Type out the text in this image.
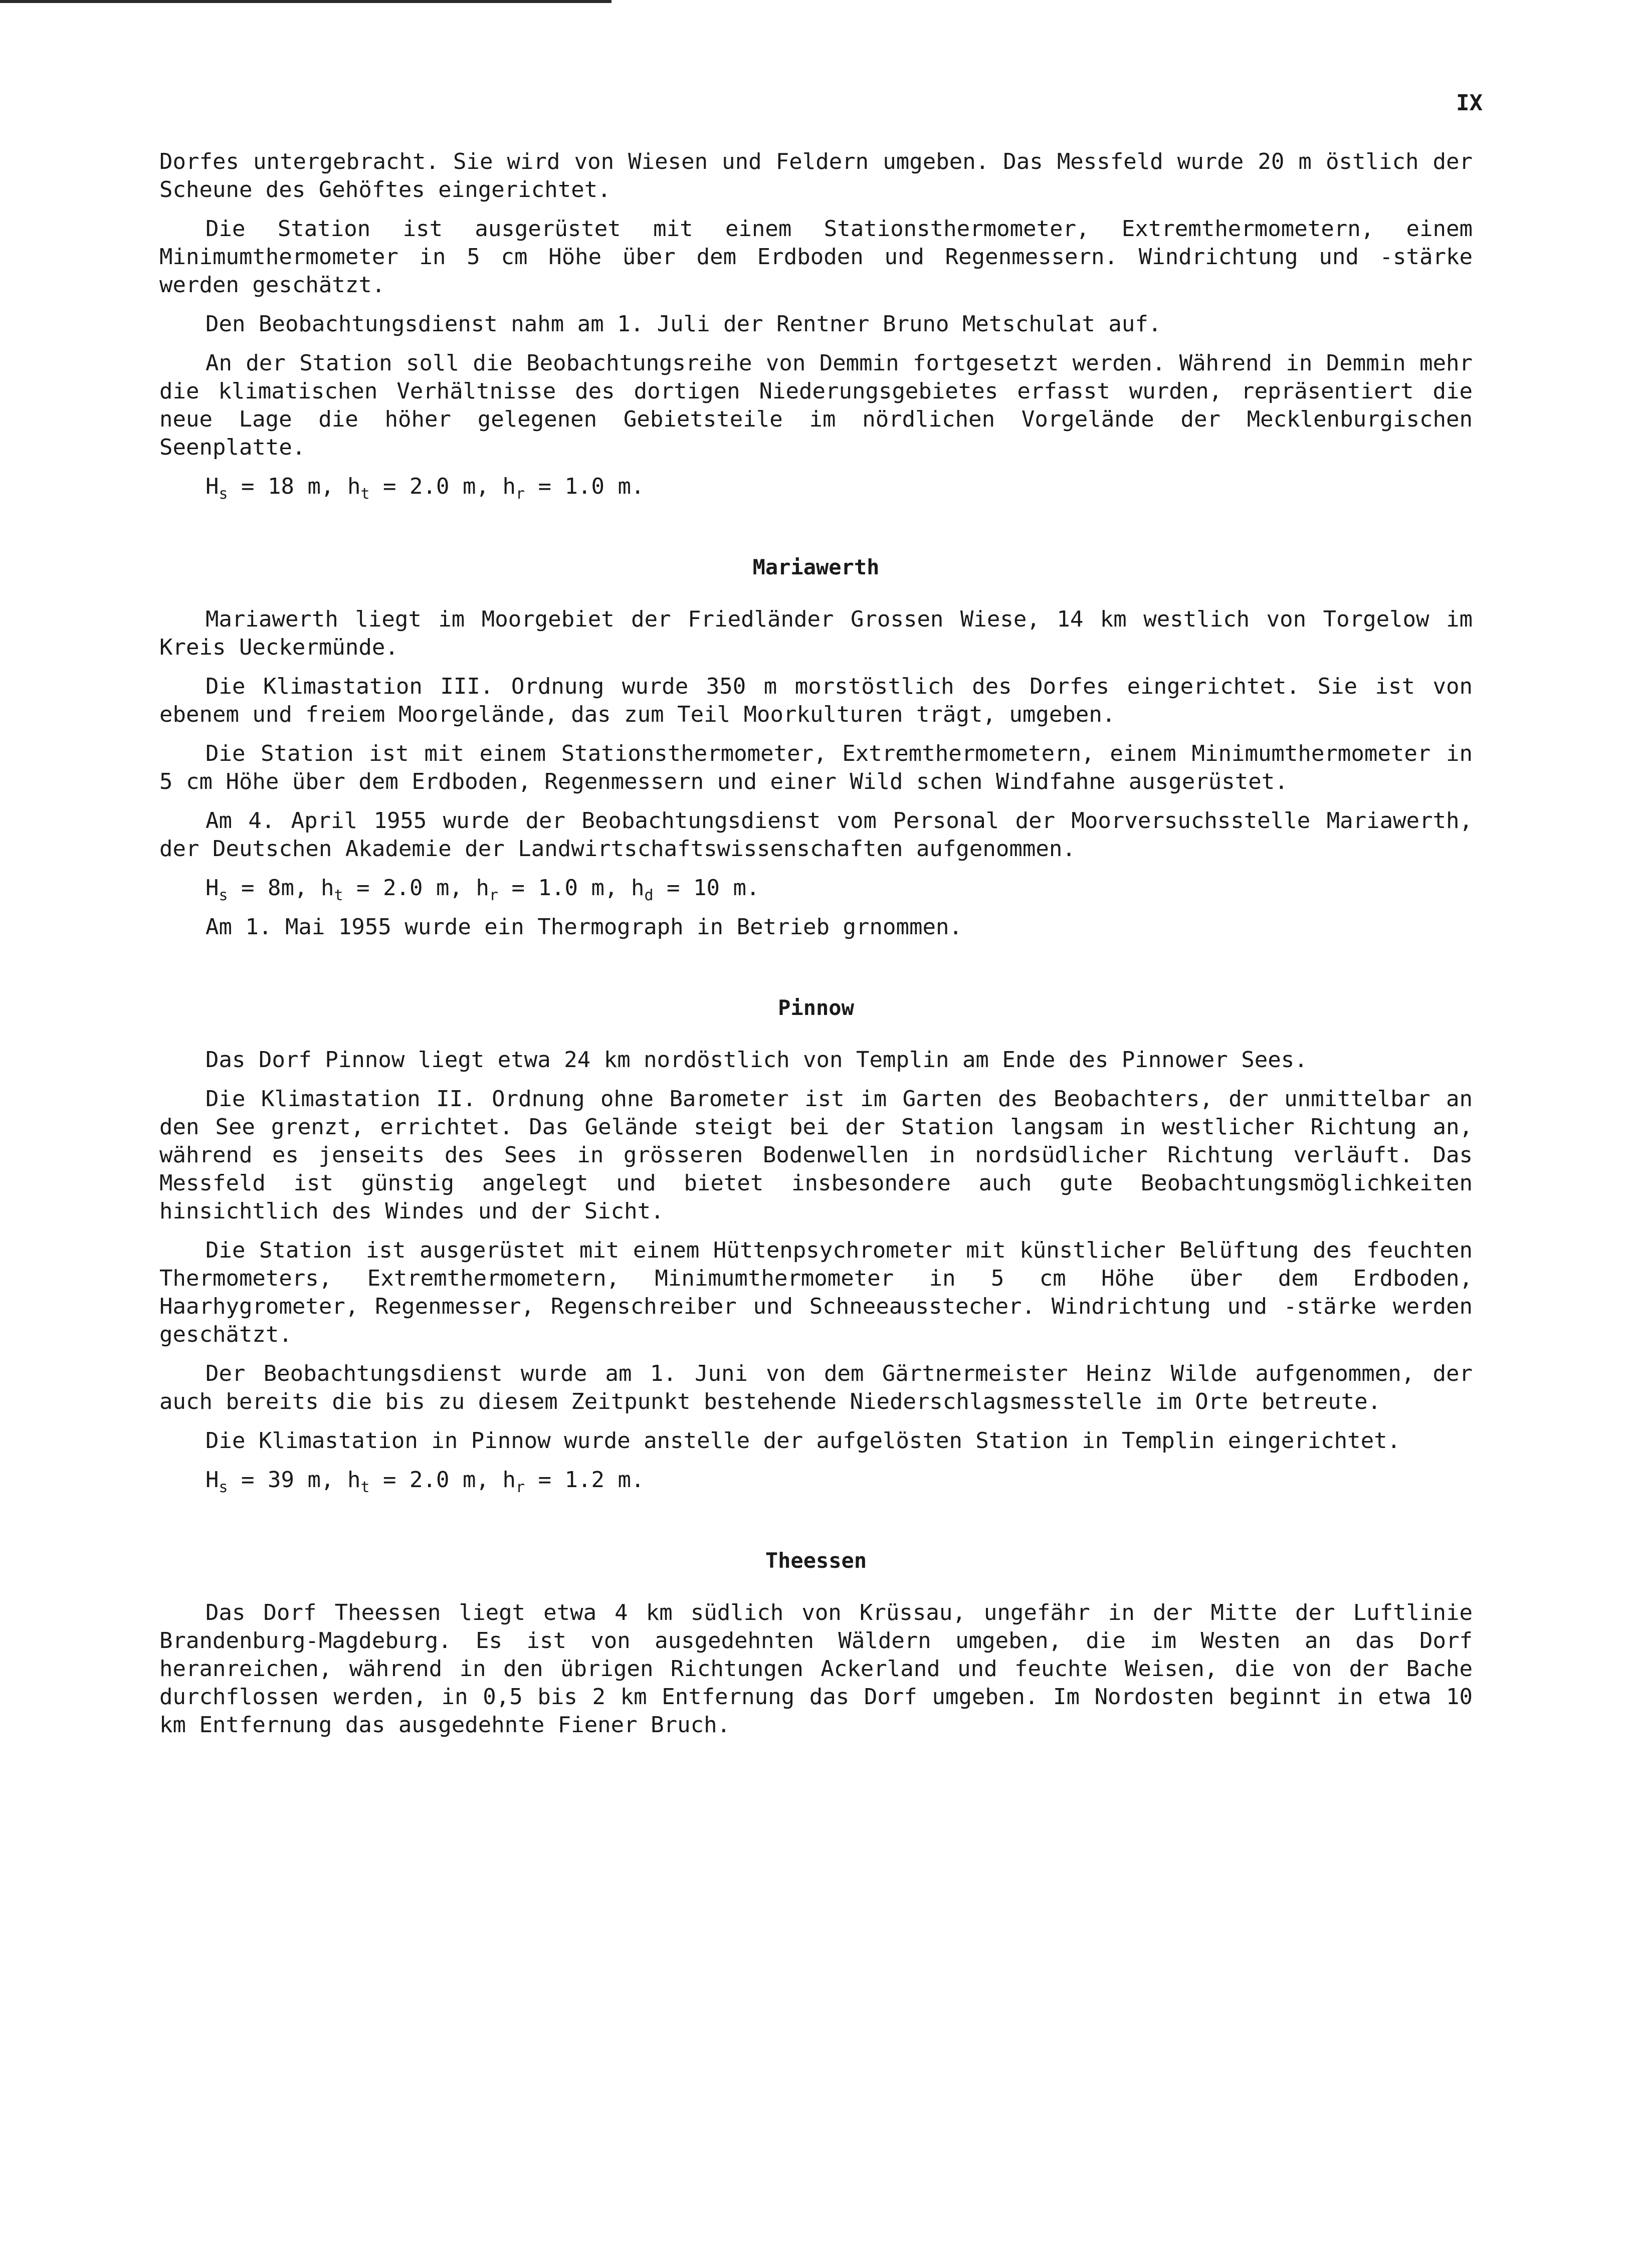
IX

Dorfes untergebracht. Sie wird von Wiesen und Feldern umgeben. Das Messfeld wurde 20 m östlich der Scheune des Gehöftes eingerichtet.

Die Station ist ausgerüstet mit einem Stationsthermometer, Extremthermometern, einem Minimumthermometer in 5 cm Höhe über dem Erdboden und Regenmessern. Windrichtung und -stärke werden geschätzt.

Den Beobachtungsdienst nahm am 1. Juli der Rentner Bruno Metschulat auf.

An der Station soll die Beobachtungsreihe von Demmin fortgesetzt werden. Während in Demmin mehr die klimatischen Verhältnisse des dortigen Niederungsgebietes erfasst wurden, repräsentiert die neue Lage die höher gelegenen Gebietsteile im nördlichen Vorgelände der Mecklenburgischen Seenplatte.

$H_s = 18$ m, $h_t = 2.0$ m, $h_r = 1.0$ m.

Mariawerth

Mariawerth liegt im Moorgebiet der Friedländer Grossen Wiese, 14 km westlich von Torgelow im Kreis Ueckermünde.

Die Klimastation III. Ordnung wurde 350 m morstöstlich des Dorfes eingerichtet. Sie ist von ebenem und freiem Moorgelände, das zum Teil Moorkulturen trägt, umgeben.

Die Station ist mit einem Stationsthermometer, Extremthermometern, einem Minimumthermometer in 5 cm Höhe über dem Erdboden, Regenmessern und einer Wild schen Windfahne ausgerüstet.

Am 4. April 1955 wurde der Beobachtungsdienst vom Personal der Moorversuchsstelle Mariawerth, der Deutschen Akademie der Landwirtschaftswissenschaften aufgenommen.

$H_s = 8m$, $h_t = 2.0$ m, $h_r = 1.0$ m, $h_d = 10$ m.

Am 1. Mai 1955 wurde ein Thermograph in Betrieb grnommen.

Pinnow

Das Dorf Pinnow liegt etwa 24 km nordöstlich von Templin am Ende des Pinnower Sees.

Die Klimastation II. Ordnung ohne Barometer ist im Garten des Beobachters, der unmittelbar an den See grenzt, errichtet. Das Gelände steigt bei der Station langsam in westlicher Richtung an, während es jenseits des Sees in grösseren Bodenwellen in nordsüdlicher Richtung verläuft. Das Messfeld ist günstig angelegt und bietet insbesondere auch gute Beobachtungsmöglichkeiten hinsichtlich des Windes und der Sicht.

Die Station ist ausgerüstet mit einem Hüttenpsychrometer mit künstlicher Belüftung des feuchten Thermometers, Extremthermometern, Minimumthermometer in 5 cm Höhe über dem Erdboden, Haarhygrometer, Regenmesser, Regenschreiber und Schneeausstecher. Windrichtung und -stärke werden geschätzt.

Der Beobachtungsdienst wurde am 1. Juni von dem Gärtnermeister Heinz Wilde aufgenommen, der auch bereits die bis zu diesem Zeitpunkt bestehende Niederschlagsmesstelle im Orte betreute.

Die Klimastation in Pinnow wurde anstelle der aufgelösten Station in Templin eingerichtet.

$H_s = 39$ m, $h_t = 2.0$ m, $h_r = 1.2$ m.

Theessen

Das Dorf Theessen liegt etwa 4 km südlich von Krüssau, ungefähr in der Mitte der Luftlinie Brandenburg-Magdeburg. Es ist von ausgedehnten Wäldern umgeben, die im Westen an das Dorf heranreichen, während in den übrigen Richtungen Ackerland und feuchte Weisen, die von der Bache durchflossen werden, in 0,5 bis 2 km Entfernung das Dorf umgeben. Im Nordosten beginnt in etwa 10 km Entfernung das ausgedehnte Fiener Bruch.
